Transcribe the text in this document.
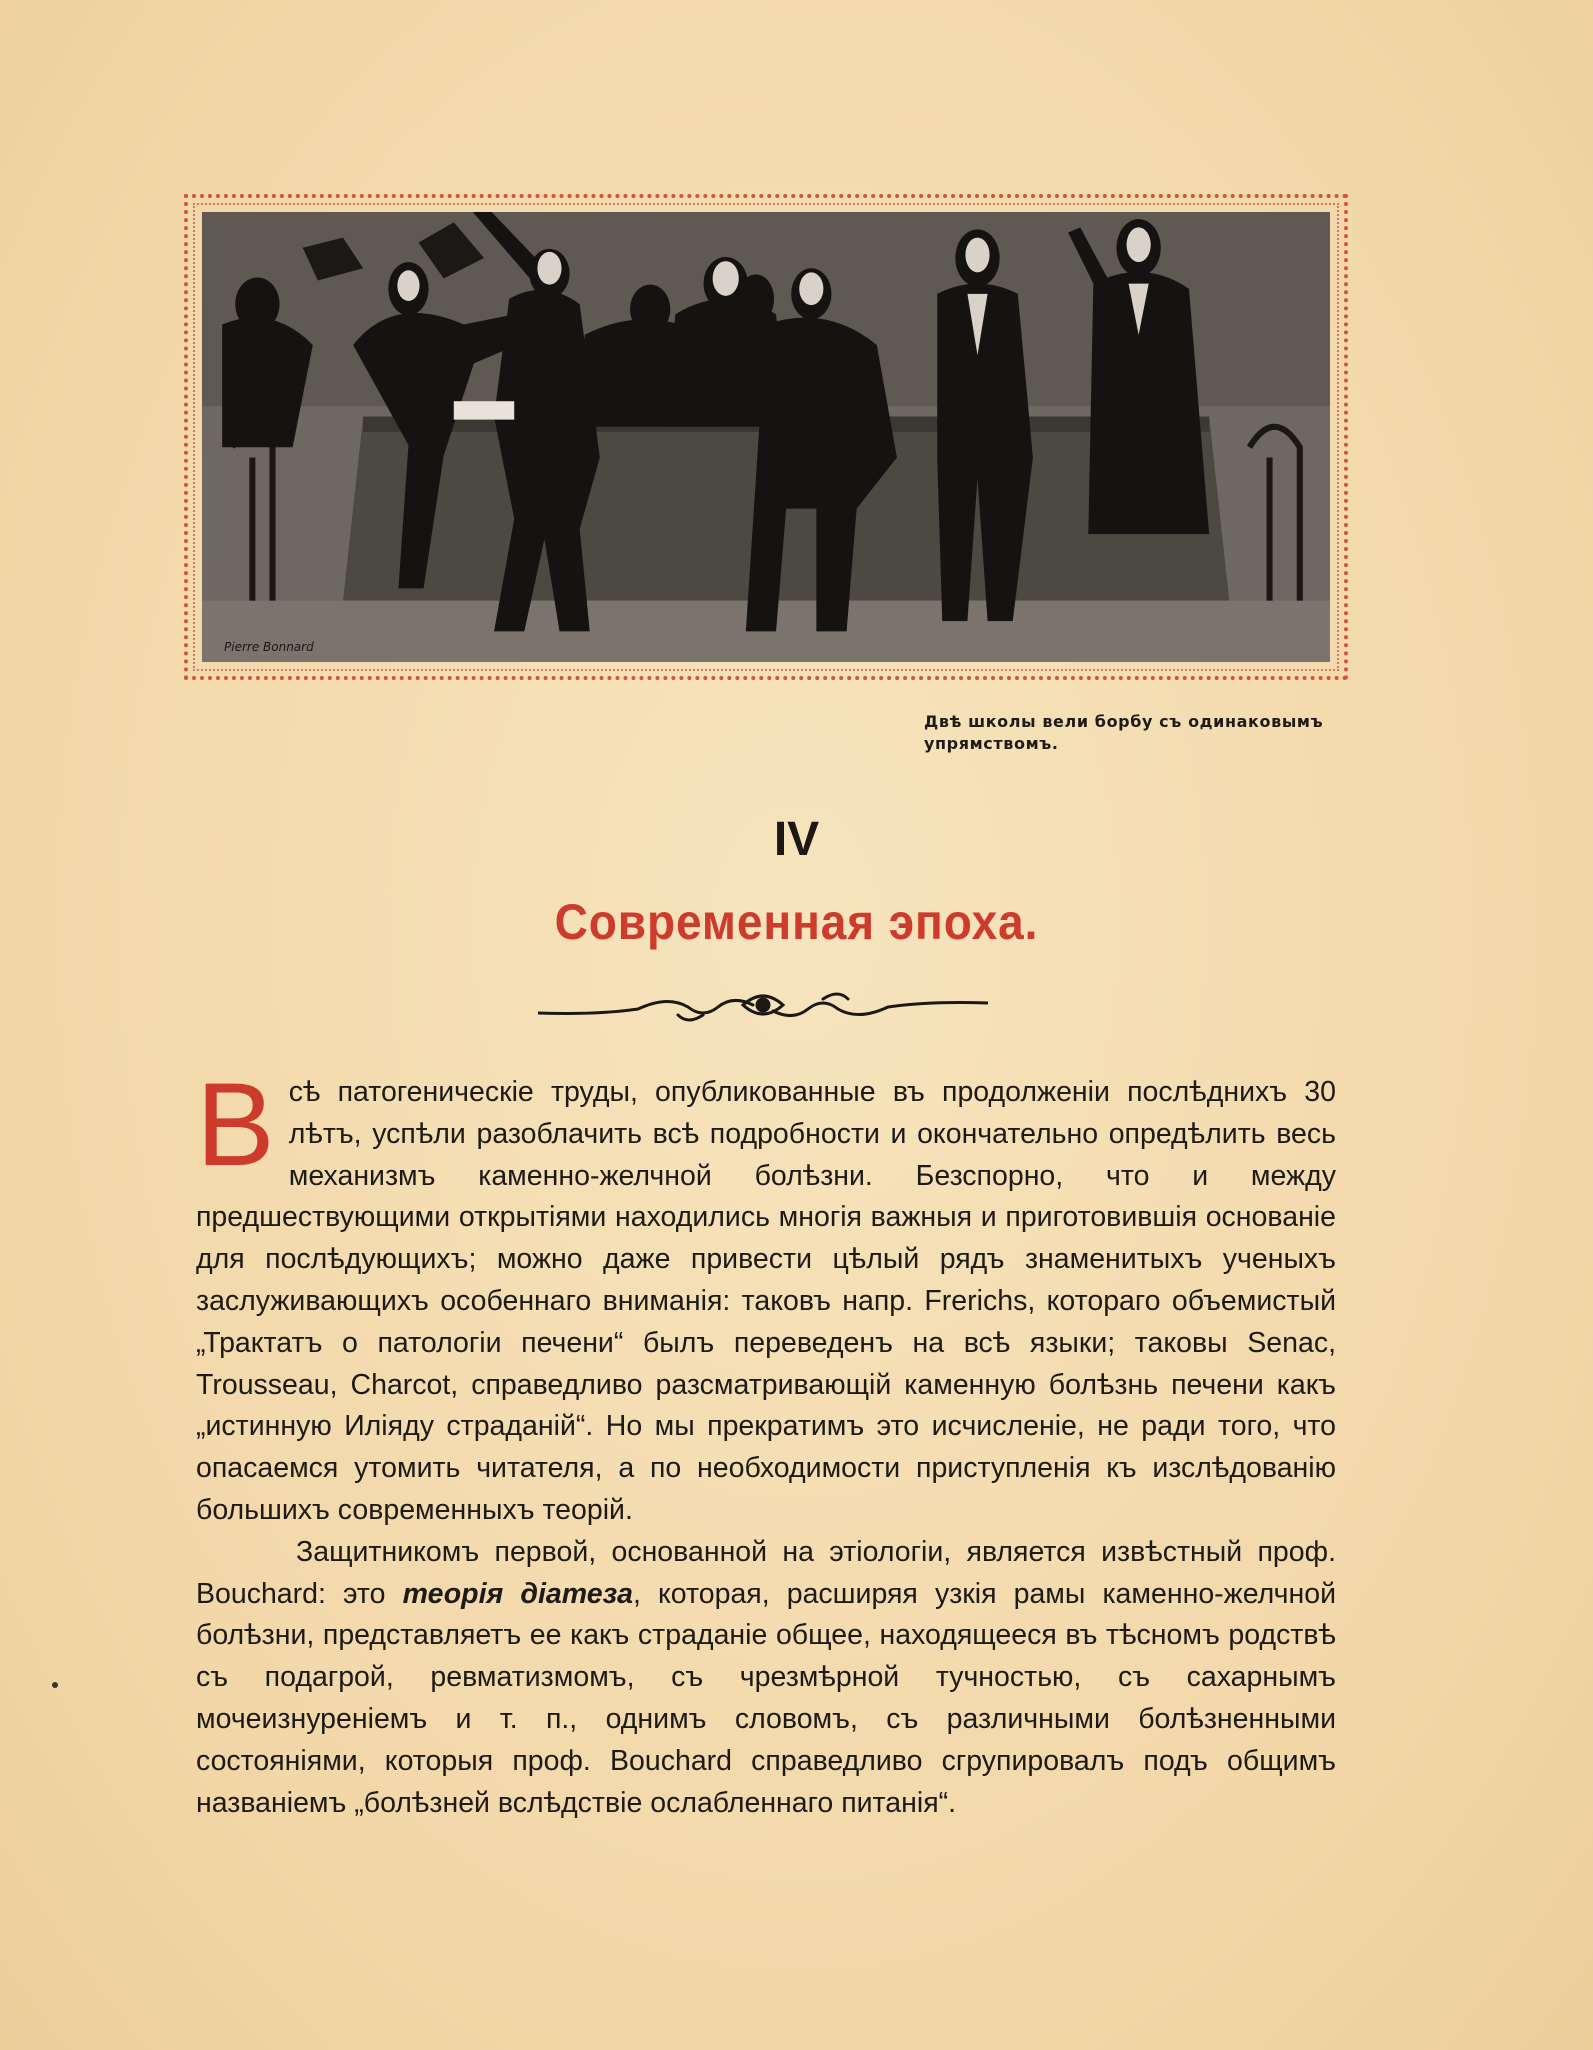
Pierre Bonnard
Двѣ школы вели борбу съ одинаковымъ упрямствомъ.
IV
Современная эпоха.

Всѣ патогеническіе труды, опубликованные въ продолженіи послѣднихъ 30 лѣтъ, успѣли разоблачить всѣ подробности и окончательно опредѣлить весь механизмъ каменно-желчной болѣзни. Безспорно, что и между предшествующими открытіями находились многія важныя и приготовившія основаніе для послѣдующихъ; можно даже привести цѣлый рядъ знаменитыхъ ученыхъ заслуживающихъ особеннаго вниманія: таковъ напр. Frerichs, котораго объемистый „Трактатъ о патологіи печени“ былъ переведенъ на всѣ языки; таковы Senac, Trousseau, Charcot, справедливо разсматривающій каменную болѣзнь печени какъ „истинную Иліяду страданій“. Но мы прекратимъ это исчисленіе, не ради того, что опасаемся утомить читателя, а по необходимости приступленія къ изслѣдованію большихъ современныхъ теорій.

Защитникомъ первой, основанной на этіологіи, является извѣстный проф. Bouchard: это теорія діатеза, которая, расширяя узкія рамы каменно-желчной болѣзни, представляетъ ее какъ страданіе общее, находящееся въ тѣсномъ родствѣ съ подагрой, ревматизмомъ, съ чрезмѣрной тучностью, съ сахарнымъ мочеизнуреніемъ и т. п., однимъ словомъ, съ различными болѣзненными состояніями, которыя проф. Bouchard справедливо сгрупировалъ подъ общимъ названіемъ „болѣзней вслѣдствіе ослабленнаго питанія“.
